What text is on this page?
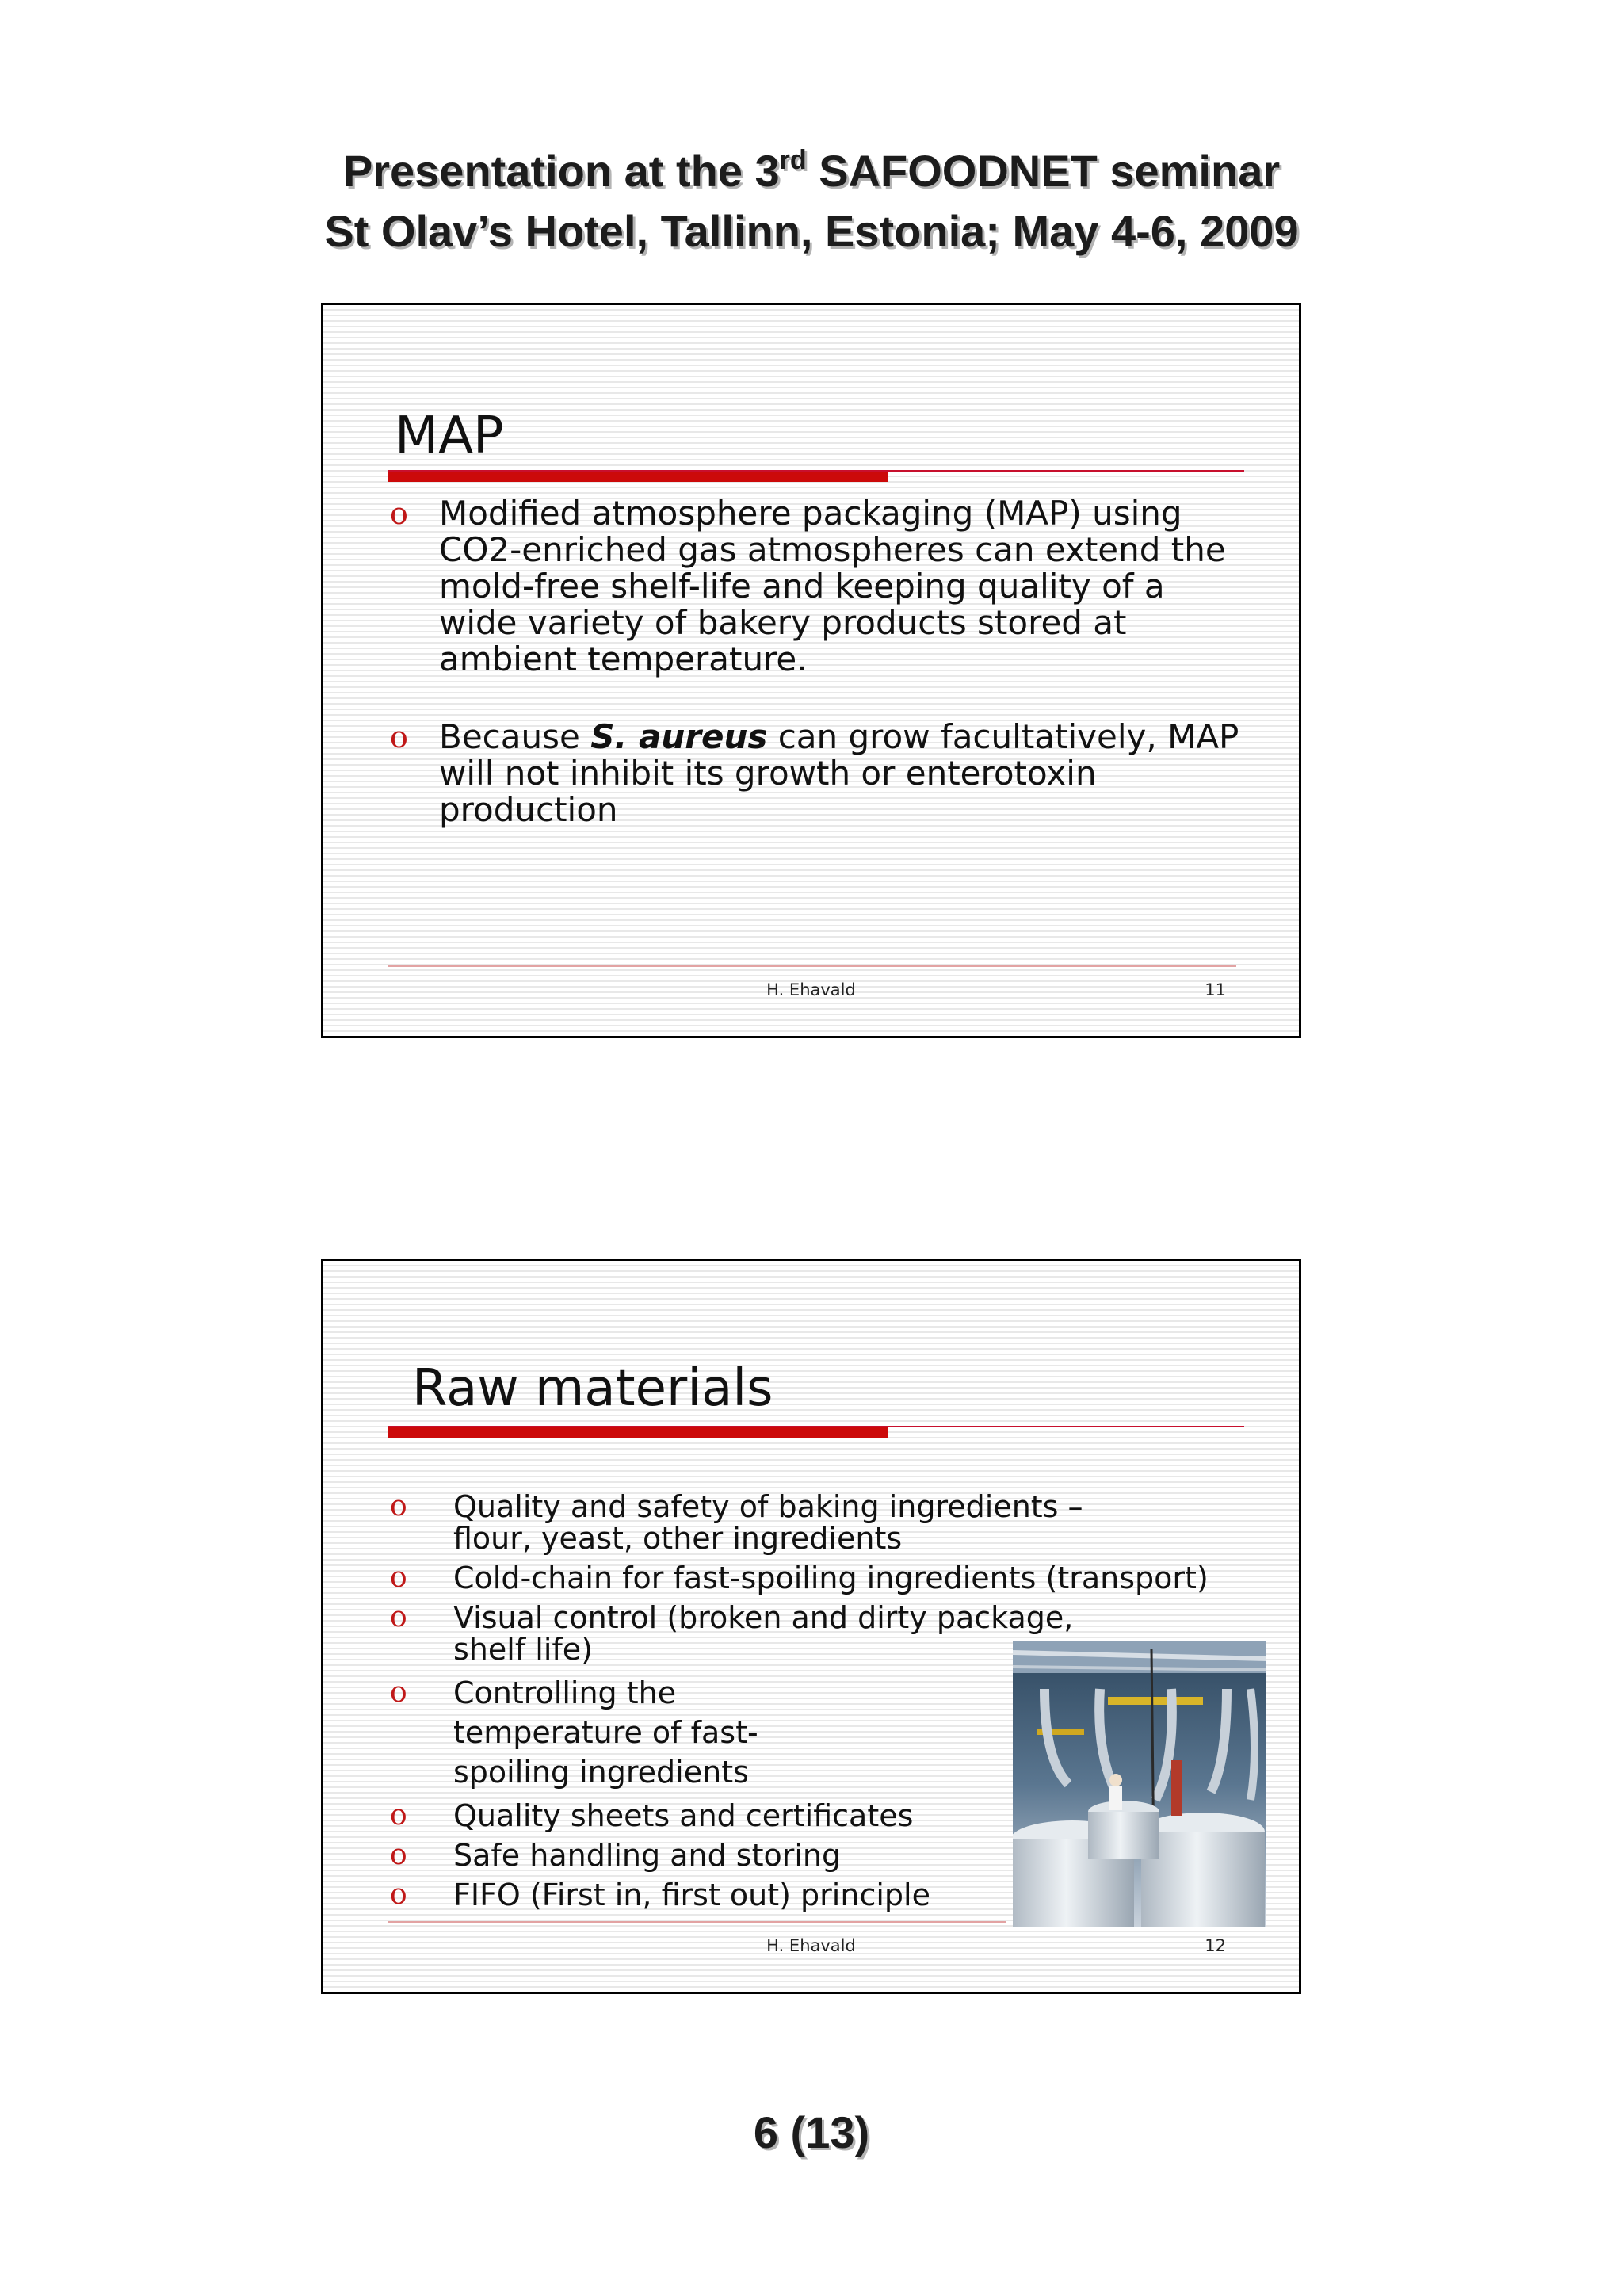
Presentation at the 3rd SAFOODNET seminar
St Olav’s Hotel, Tallinn, Estonia; May 4-6, 2009
MAP
o Modified atmosphere packaging (MAP) using CO2-enriched gas atmospheres can extend the mold-free shelf-life and keeping quality of a wide variety of bakery products stored at ambient temperature.
o Because S. aureus can grow facultatively, MAP will not inhibit its growth or enterotoxin production
H. Ehavald	11
Raw materials
o Quality and safety of baking ingredients –flour, yeast, other ingredients
o Cold-chain for fast-spoiling ingredients (transport)
o Visual control (broken and dirty package, shelf life)
o Controlling the temperature of fast-spoiling ingredients
o Quality sheets and certificates
o Safe handling and storing
o FIFO (First in, first out) principle
H. Ehavald	12
6 (13)
